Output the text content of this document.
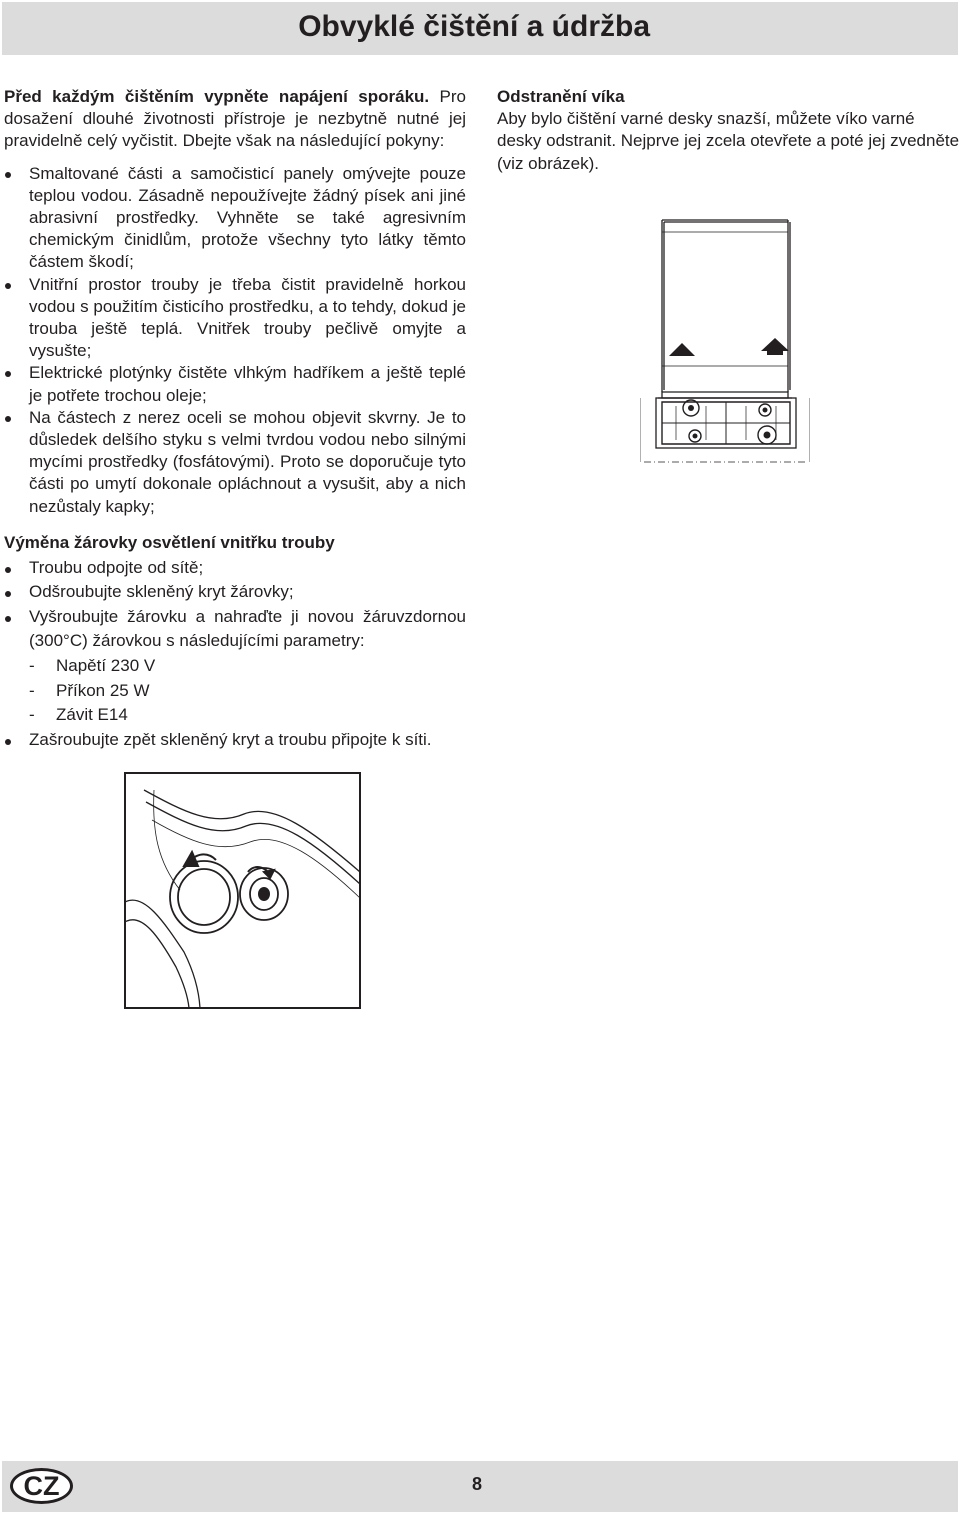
Obvyklé čištění a údržba

Před každým čištěním vypněte napájení sporáku. Pro dosažení dlouhé životnosti přístroje je nezbytně nutné jej pravidelně celý vyčistit. Dbejte však na následující pokyny:

Smaltované části a samočisticí panely omývejte pouze teplou vodou. Zásadně nepoužívejte žádný písek ani jiné abrasivní prostředky. Vyhněte se také agresivním chemickým činidlům, protože všechny tyto látky těmto částem škodí;
Vnitřní prostor trouby je třeba čistit pravidelně horkou vodou s použitím čisticího prostředku, a to tehdy, dokud je trouba ještě teplá. Vnitřek trouby pečlivě omyjte a vysušte;
Elektrické plotýnky čistěte vlhkým hadříkem a ještě teplé je potřete trochou oleje;
Na částech z nerez oceli se mohou objevit skvrny. Je to důsledek delšího styku s velmi tvrdou vodou nebo silnými mycími prostředky (fosfátovými). Proto se doporučuje tyto části po umytí dokonale opláchnout a vysušit, aby a nich nezůstaly kapky;

Výměna žárovky osvětlení vnitřku trouby

Troubu odpojte od sítě;
Odšroubujte skleněný kryt žárovky;
Vyšroubujte žárovku a nahraďte ji novou žáruvzdornou (300°C) žárovkou s následujícími parametry:
- Napětí 230 V
- Příkon 25 W
- Závit E14
Zašroubujte zpět skleněný kryt a troubu připojte k síti.

Odstranění víka

Aby bylo čištění varné desky snazší, můžete víko varné desky odstranit. Nejprve jej zcela otevřete a poté jej zvedněte (viz obrázek).

CZ	8
